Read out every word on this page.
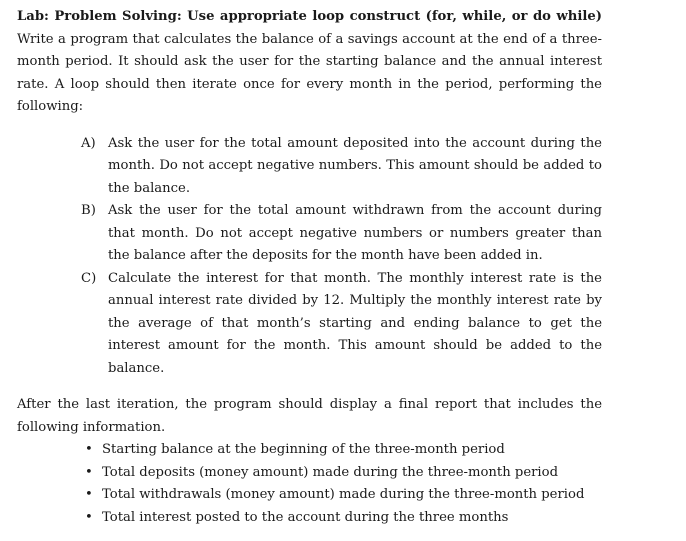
Lab: Problem Solving: Use appropriate loop construct (for, while, or do while) Write a program that calculates the balance of a savings account at the end of a three-month period. It should ask the user for the starting balance and the annual interest rate. A loop should then iterate once for every month in the period, performing the following:

A) Ask the user for the total amount deposited into the account during the month. Do not accept negative numbers. This amount should be added to the balance.
B) Ask the user for the total amount withdrawn from the account during that month. Do not accept negative numbers or numbers greater than the balance after the deposits for the month have been added in.
C) Calculate the interest for that month. The monthly interest rate is the annual interest rate divided by 12. Multiply the monthly interest rate by the average of that month’s starting and ending balance to get the interest amount for the month. This amount should be added to the balance.

After the last iteration, the program should display a final report that includes the following information.

• Starting balance at the beginning of the three-month period
• Total deposits (money amount) made during the three-month period
• Total withdrawals (money amount) made during the three-month period
• Total interest posted to the account during the three months
